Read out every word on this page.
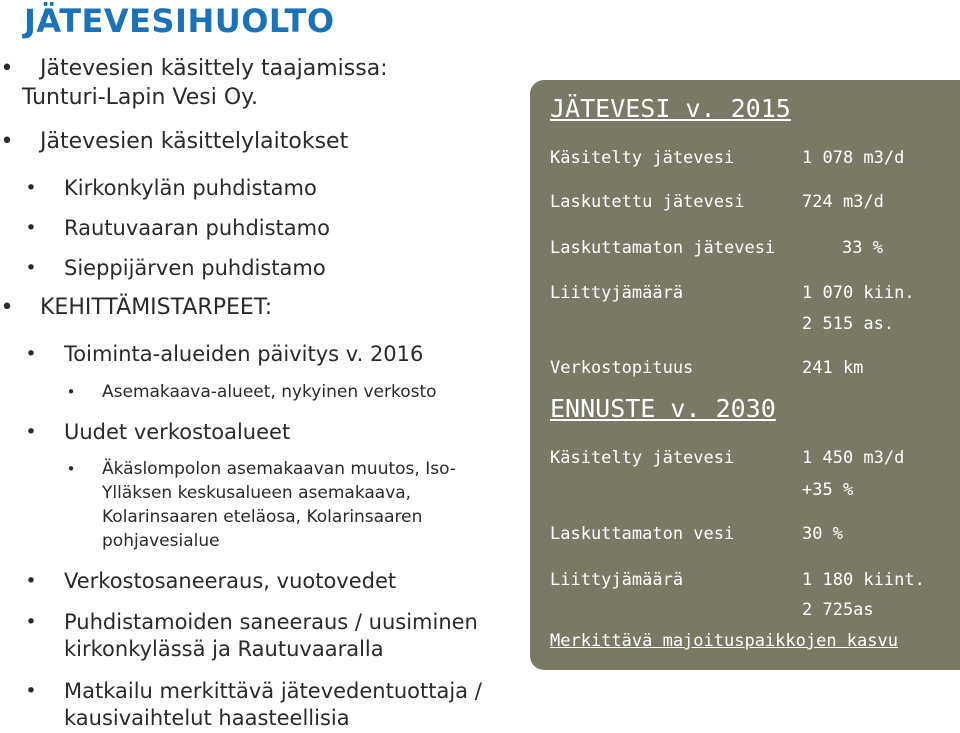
JÄTEVESIHUOLTO
•
Jätevesien käsittely taajamissa:
Tunturi-Lapin Vesi Oy.
•
Jätevesien käsittelylaitokset
•
Kirkonkylän puhdistamo
•
Rautuvaaran puhdistamo
•
Sieppijärven puhdistamo
•
KEHITTÄMISTARPEET:
•
Toiminta-alueiden päivitys v. 2016
•
Asemakaava-alueet, nykyinen verkosto
•
Uudet verkostoalueet
•
Äkäslompolon asemakaavan muutos, Iso-
Ylläksen keskusalueen asemakaava,
Kolarinsaaren eteläosa, Kolarinsaaren
pohjavesialue
•
Verkostosaneeraus, vuotovedet
•
Puhdistamoiden saneeraus / uusiminen
kirkonkylässä ja Rautuvaaralla
•
Matkailu merkittävä jätevedentuottaja /
kausivaihtelut haasteellisia
JÄTEVESI v. 2015
Käsitelty jätevesi	1 078 m3/d
Laskutettu jätevesi	724 m3/d
Laskuttamaton jätevesi	33 %
Liittyjämäärä	1 070 kiin.
2 515 as.
Verkostopituus	241 km
ENNUSTE v. 2030
Käsitelty jätevesi	1 450 m3/d
+35 %
Laskuttamaton vesi	30 %
Liittyjämäärä	1 180 kiint.
2 725as
Merkittävä majoituspaikkojen kasvu
